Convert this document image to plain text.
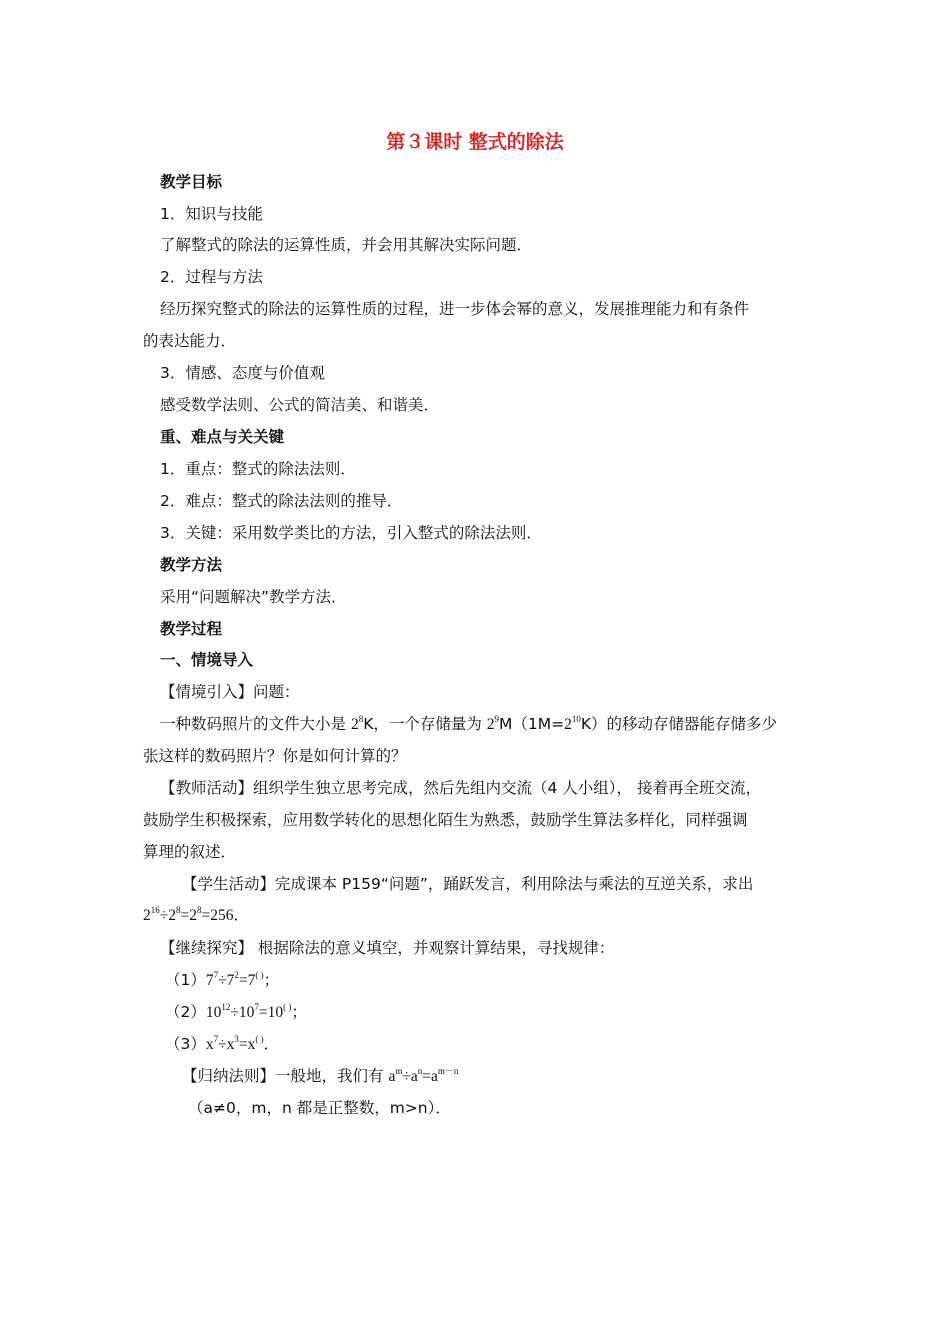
第３课时 整式的除法
教学目标
1．知识与技能
了解整式的除法的运算性质，并会用其解决实际问题．
2．过程与方法
经历探究整式的除法的运算性质的过程，进一步体会幂的意义，发展推理能力和有条件
的表达能力．
3．情感、态度与价值观
感受数学法则、公式的简洁美、和谐美．
重、难点与关关键
1．重点：整式的除法法则．
2．难点：整式的除法法则的推导．
3．关键：采用数学类比的方法，引入整式的除法法则．
教学方法
采用“问题解决”教学方法．
教学过程
一、情境导入
【情境引入】问题：
一种数码照片的文件大小是 $2^8K$，一个存储量为 $2^9M(1M=2^{10}K)$的移动存储器能存储多少
张这样的数码照片？你是如何计算的？
【教师活动】组织学生独立思考完成，然后先组内交流（4 人小组）， 接着再全班交流，
鼓励学生积极探索，应用数学转化的思想化陌生为熟悉，鼓励学生算法多样化，同样强调
算理的叙述．
【学生活动】完成课本 P159“问题”，踊跃发言，利用除法与乘法的互逆关系，求出
$2^{16}\div 2^8=2^8=256$．
【继续探究】 根据除法的意义填空，并观察计算结果，寻找规律：
$(1)7^7\div 7^2=7^{( )}$；
$(2)10^{12}\div 10^7=10^{( )}$；
$(3)x^7\div x^3=x^{( )}$．
【归纳法则】一般地，我们有 $a^m\div a^n=a^{m-n}$
（a≠0，m，n 都是正整数，m>n）．
